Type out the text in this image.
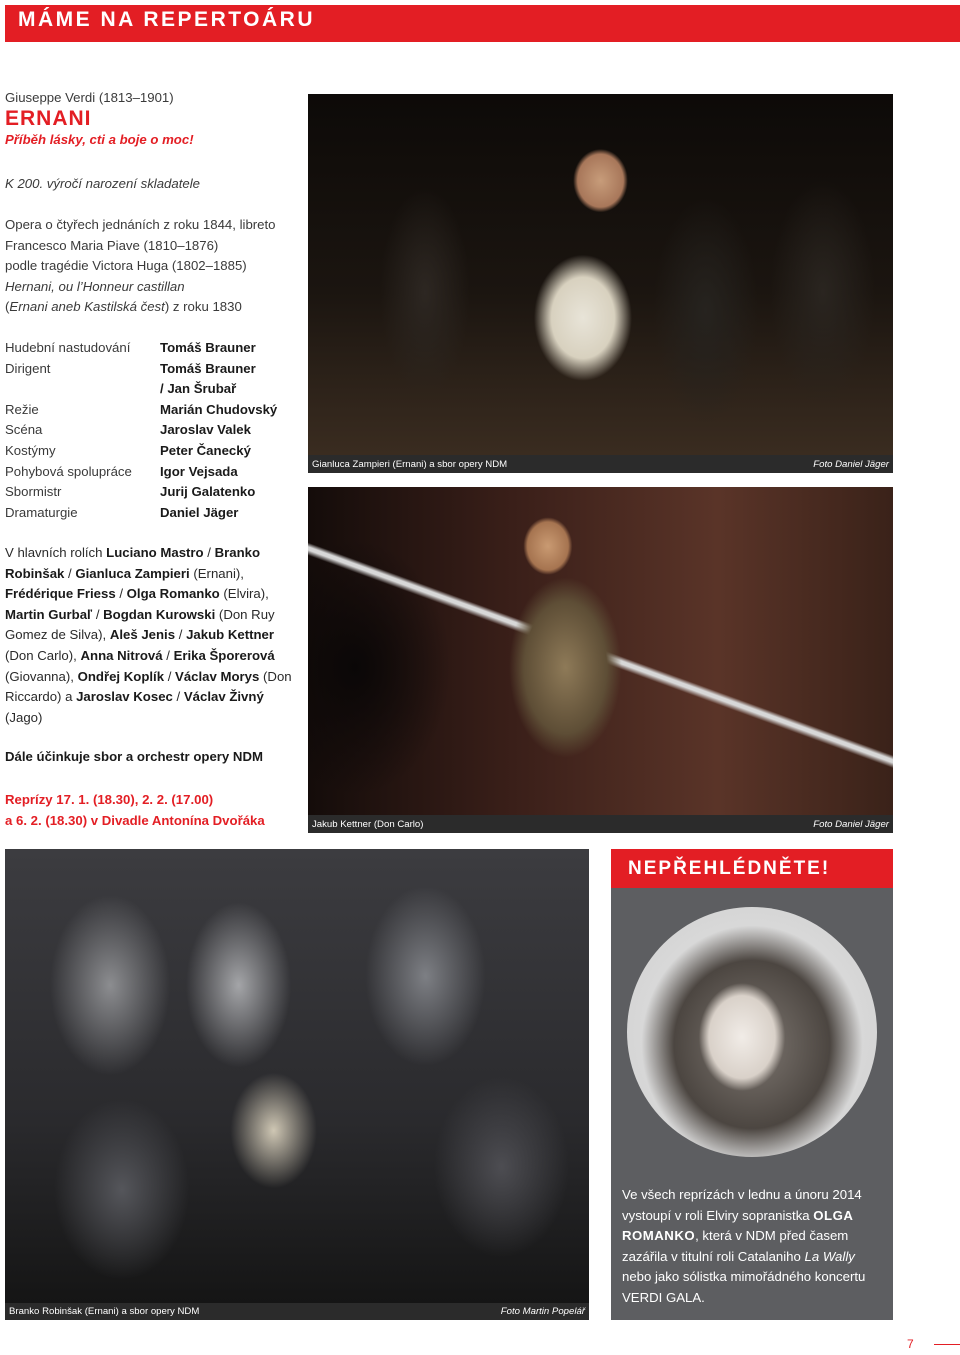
MÁME NA REPERTOÁRU
Giuseppe Verdi (1813–1901)
ERNANI
Příběh lásky, cti a boje o moc!
K 200. výročí narození skladatele
Opera o čtyřech jednáních z roku 1844, libreto
Francesco Maria Piave (1810–1876)
podle tragédie Victora Huga (1802–1885)
Hernani, ou l’Honneur castillan
(Ernani aneb Kastilská čest) z roku 1830
Hudební nastudování	Tomáš Brauner
Dirigent	Tomáš Brauner
/ Jan Šrubař
Režie	Marián Chudovský
Scéna	Jaroslav Valek
Kostýmy	Peter Čanecký
Pohybová spolupráce	Igor Vejsada
Sbormistr	Jurij Galatenko
Dramaturgie	Daniel Jäger
V hlavních rolích Luciano Mastro / Branko Robinšak / Gianluca Zampieri (Ernani), Frédérique Friess / Olga Romanko (Elvira), Martin Gurbaľ / Bogdan Kurowski (Don Ruy Gomez de Silva), Aleš Jenis / Jakub Kettner (Don Carlo), Anna Nitrová / Erika Šporerová (Giovanna), Ondřej Koplík / Václav Morys (Don Riccardo) a Jaroslav Kosec / Václav Živný (Jago)
Dále účinkuje sbor a orchestr opery NDM
Reprízy 17. 1. (18.30), 2. 2. (17.00)
a 6. 2. (18.30) v Divadle Antonína Dvořáka
Gianluca Zampieri (Ernani) a sbor opery NDM	Foto Daniel Jäger
Jakub Kettner (Don Carlo)	Foto Daniel Jäger
Branko Robinšak (Ernani) a sbor opery NDM	Foto Martin Popelář
NEPŘEHLÉDNĚTE!
Ve všech reprízách v lednu a únoru 2014 vystoupí v roli Elviry sopranistka OLGA ROMANKO, která v NDM před časem zazářila v titulní roli Catalaniho La Wally nebo jako sólistka mimořádného koncertu VERDI GALA.
7
